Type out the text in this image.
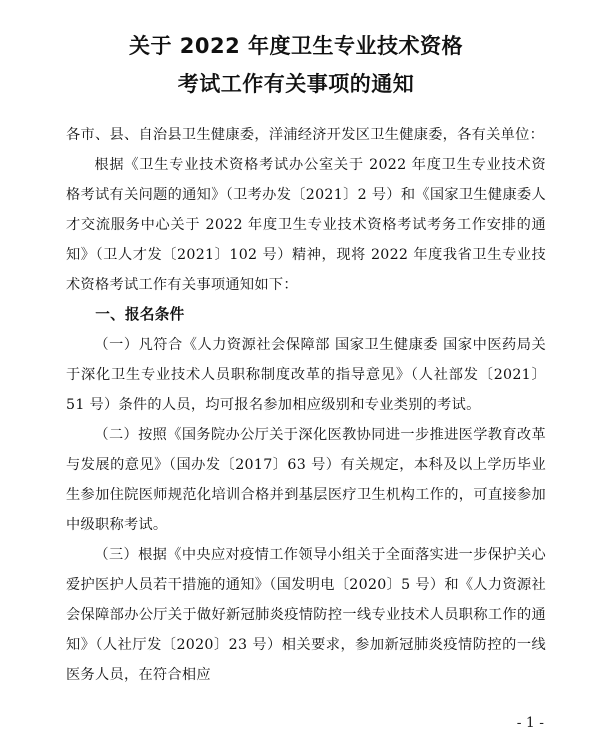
关于 2022 年度卫生专业技术资格
考试工作有关事项的通知

各市、县、自治县卫生健康委，洋浦经济开发区卫生健康委，各有关单位：

根据《卫生专业技术资格考试办公室关于 2022 年度卫生专业技术资格考试有关问题的通知》（卫考办发〔2021〕2 号）和《国家卫生健康委人才交流服务中心关于 2022 年度卫生专业技术资格考试考务工作安排的通知》（卫人才发〔2021〕102 号）精神，现将 2022 年度我省卫生专业技术资格考试工作有关事项通知如下：

一、报名条件

（一）凡符合《人力资源社会保障部 国家卫生健康委 国家中医药局关于深化卫生专业技术人员职称制度改革的指导意见》（人社部发〔2021〕51 号）条件的人员，均可报名参加相应级别和专业类别的考试。

（二）按照《国务院办公厅关于深化医教协同进一步推进医学教育改革与发展的意见》（国办发〔2017〕63 号）有关规定，本科及以上学历毕业生参加住院医师规范化培训合格并到基层医疗卫生机构工作的，可直接参加中级职称考试。

（三）根据《中央应对疫情工作领导小组关于全面落实进一步保护关心爱护医护人员若干措施的通知》（国发明电〔2020〕5 号）和《人力资源社会保障部办公厅关于做好新冠肺炎疫情防控一线专业技术人员职称工作的通知》（人社厅发〔2020〕23 号）相关要求，参加新冠肺炎疫情防控的一线医务人员，在符合相应

- 1 -
